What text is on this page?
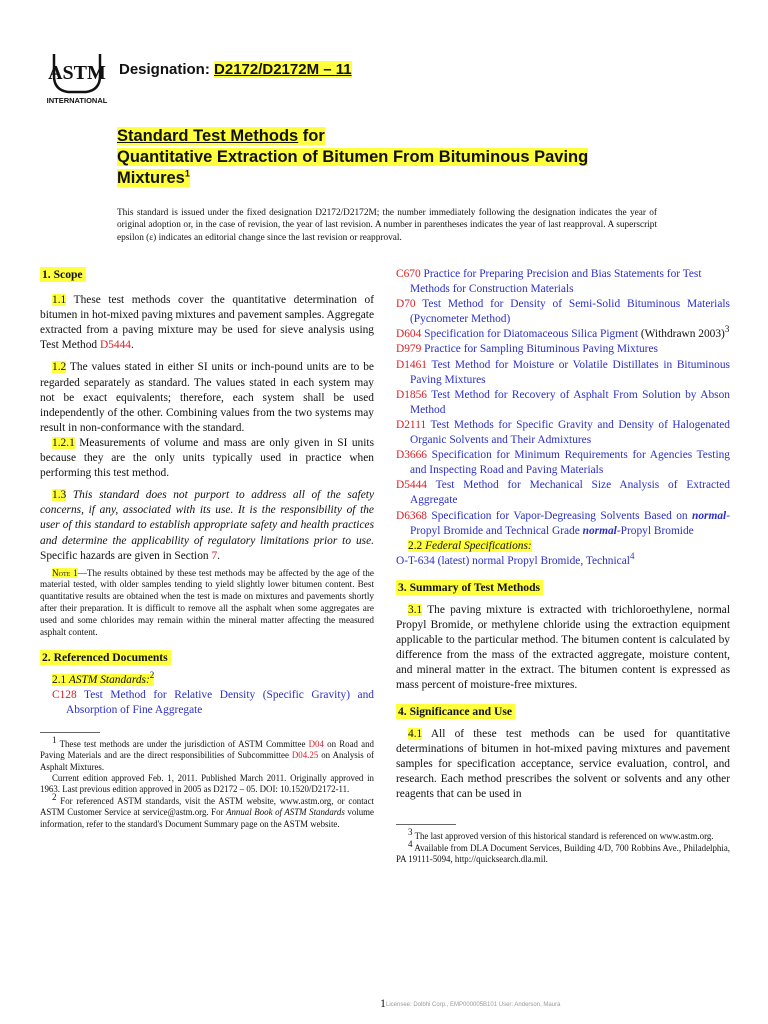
ASTM
INTERNATIONAL
Designation: D2172/D2172M – 11
Standard Test Methods for
Quantitative Extraction of Bitumen From Bituminous Paving
Mixtures$^1$
This standard is issued under the fixed designation D2172/D2172M; the number immediately following the designation indicates the year of original adoption or, in the case of revision, the year of last revision. A number in parentheses indicates the year of last reapproval. A superscript epsilon (ε) indicates an editorial change since the last revision or reapproval.

1. Scope

1.1 These test methods cover the quantitative determination of bitumen in hot-mixed paving mixtures and pavement samples. Aggregate extracted from a paving mixture may be used for sieve analysis using Test Method D5444.

1.2 The values stated in either SI units or inch-pound units are to be regarded separately as standard. The values stated in each system may not be exact equivalents; therefore, each system shall be used independently of the other. Combining values from the two systems may result in non-conformance with the standard.

1.2.1 Measurements of volume and mass are only given in SI units because they are the only units typically used in practice when performing this test method.

1.3 This standard does not purport to address all of the safety concerns, if any, associated with its use. It is the responsibility of the user of this standard to establish appropriate safety and health practices and determine the applicability of regulatory limitations prior to use. Specific hazards are given in Section 7.

Note 1—The results obtained by these test methods may be affected by the age of the material tested, with older samples tending to yield slightly lower bitumen content. Best quantitative results are obtained when the test is made on mixtures and pavements shortly after their preparation. It is difficult to remove all the asphalt when some aggregates are used and some chlorides may remain within the mineral matter affecting the measured asphalt content.

2. Referenced Documents

2.1 ASTM Standards:$^2$

C128 Test Method for Relative Density (Specific Gravity) and Absorption of Fine Aggregate

$^1$ These test methods are under the jurisdiction of ASTM Committee D04 on Road and Paving Materials and are the direct responsibilities of Subcommittee D04.25 on Analysis of Asphalt Mixtures.

Current edition approved Feb. 1, 2011. Published March 2011. Originally approved in 1963. Last previous edition approved in 2005 as D2172 – 05. DOI: 10.1520/D2172-11.

$^2$ For referenced ASTM standards, visit the ASTM website, www.astm.org, or contact ASTM Customer Service at service@astm.org. For Annual Book of ASTM Standards volume information, refer to the standard's Document Summary page on the ASTM website.

C670 Practice for Preparing Precision and Bias Statements for Test Methods for Construction Materials

D70 Test Method for Density of Semi-Solid Bituminous Materials (Pycnometer Method)

D604 Specification for Diatomaceous Silica Pigment (Withdrawn 2003)$^3$

D979 Practice for Sampling Bituminous Paving Mixtures

D1461 Test Method for Moisture or Volatile Distillates in Bituminous Paving Mixtures

D1856 Test Method for Recovery of Asphalt From Solution by Abson Method

D2111 Test Methods for Specific Gravity and Density of Halogenated Organic Solvents and Their Admixtures

D3666 Specification for Minimum Requirements for Agencies Testing and Inspecting Road and Paving Materials

D5444 Test Method for Mechanical Size Analysis of Extracted Aggregate

D6368 Specification for Vapor-Degreasing Solvents Based on normal-Propyl Bromide and Technical Grade normal-Propyl Bromide

2.2 Federal Specifications:

O-T-634 (latest) normal Propyl Bromide, Technical$^4$

3. Summary of Test Methods

3.1 The paving mixture is extracted with trichloroethylene, normal Propyl Bromide, or methylene chloride using the extraction equipment applicable to the particular method. The bitumen content is calculated by difference from the mass of the extracted aggregate, moisture content, and mineral matter in the extract. The bitumen content is expressed as mass percent of moisture-free mixtures.

4. Significance and Use

4.1 All of these test methods can be used for quantitative determinations of bitumen in hot-mixed paving mixtures and pavement samples for specification acceptance, service evaluation, control, and research. Each method prescribes the solvent or solvents and any other reagents that can be used in

$^3$ The last approved version of this historical standard is referenced on www.astm.org.

$^4$ Available from DLA Document Services, Building 4/D, 700 Robbins Ave., Philadelphia, PA 19111-5094, http://quicksearch.dla.mil.

1 Licensee: Dolbhi Corp., EMP000005B101 User: Anderson, Maura
